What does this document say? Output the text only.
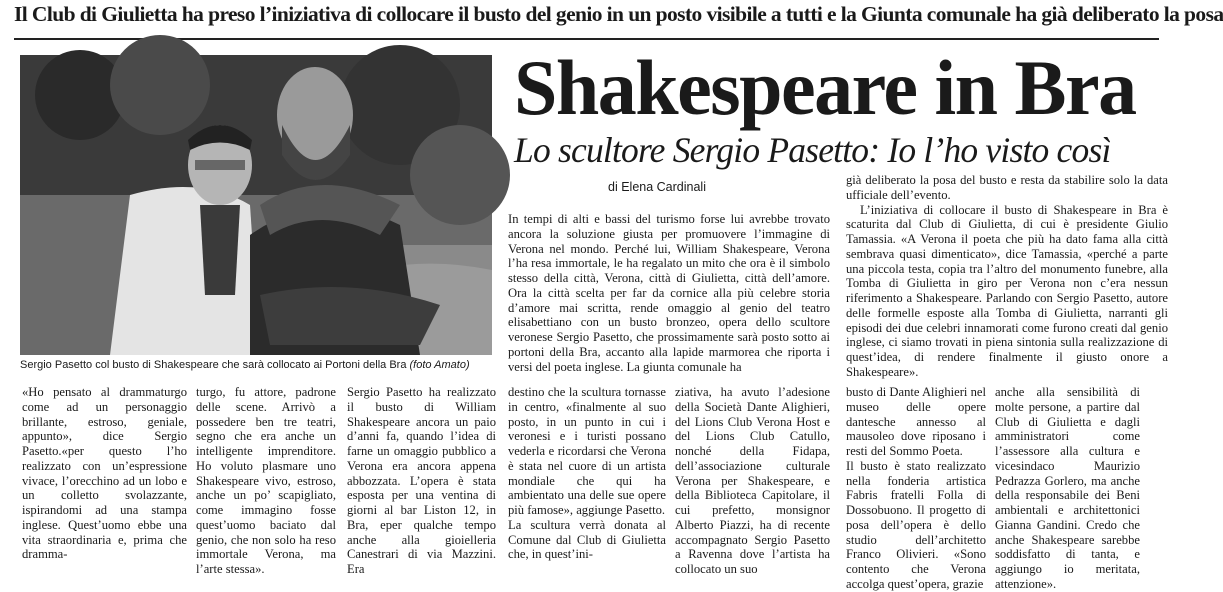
Il Club di Giulietta ha preso l’iniziativa di collocare il busto del genio in un posto visibile a tutti e la Giunta comunale ha già deliberato la posa
Sergio Pasetto col busto di Shakespeare che sarà collocato ai Portoni della Bra (foto Amato)
Shakespeare in Bra
Lo scultore Sergio Pasetto: Io l’ho visto così
di Elena Cardinali

In tempi di alti e bassi del turismo forse lui avrebbe trovato ancora la soluzione giusta per promuovere l’immagine di Verona nel mondo. Perché lui, William Shakespeare, Verona l’ha resa immortale, le ha regalato un mito che ora è il simbolo stesso della città, Verona, città di Giulietta, città dell’amore. Ora la città scelta per far da cornice alla più celebre storia d’amore mai scritta, rende omaggio al genio del teatro elisabettiano con un busto bronzeo, opera dello scultore veronese Sergio Pasetto, che prossimamente sarà posto sotto ai portoni della Bra, accanto alla lapide marmorea che riporta i versi del poeta inglese. La giunta comunale ha

già deliberato la posa del busto e resta da stabilire solo la data ufficiale dell’evento.

L’iniziativa di collocare il busto di Shakespeare in Bra è scaturita dal Club di Giulietta, di cui è presidente Giulio Tamassia. «A Verona il poeta che più ha dato fama alla città sembrava quasi dimenticato», dice Tamassia, «perché a parte una piccola testa, copia tra l’altro del monumento funebre, alla Tomba di Giulietta in giro per Verona non c’era nessun riferimento a Shakespeare. Parlando con Sergio Pasetto, autore delle formelle esposte alla Tomba di Giulietta, narranti gli episodi dei due celebri innamorati come furono creati dal genio inglese, ci siamo trovati in piena sintonia sulla realizzazione di quest’idea, di rendere finalmente il giusto onore a Shakespeare».

«Ho pensato al drammaturgo come ad un personaggio brillante, estroso, geniale, appunto», dice Sergio Pasetto.«per questo l’ho realizzato con un’espressione vivace, l’orecchino ad un lobo e un colletto svolazzante, ispirandomi ad una stampa inglese. Quest’uomo ebbe una vita straordinaria e, prima che dramma-

turgo, fu attore, padrone delle scene. Arrivò a possedere ben tre teatri, segno che era anche un intelligente imprenditore. Ho voluto plasmare uno Shakespeare vivo, estroso, anche un po’ scapigliato, come immagino fosse quest’uomo baciato dal genio, che non solo ha reso immortale Verona, ma l’arte stessa».

Sergio Pasetto ha realizzato il busto di William Shakespeare ancora un paio d’anni fa, quando l’idea di farne un omaggio pubblico a Verona era ancora appena abbozzata. L’opera è stata esposta per una ventina di giorni al bar Liston 12, in Bra, eper qualche tempo anche alla gioielleria Canestrari di via Mazzini. Era

destino che la scultura tornasse in centro, «finalmente al suo posto, in un punto in cui i veronesi e i turisti possano vederla e ricordarsi che Verona è stata nel cuore di un artista mondiale che qui ha ambientato una delle sue opere più famose», aggiunge Pasetto.
La scultura verrà donata al Comune dal Club di Giulietta che, in quest’ini-

ziativa, ha avuto l’adesione della Società Dante Alighieri, del Lions Club Verona Host e del Lions Club Catullo, nonché della Fidapa, dell’associazione culturale Verona per Shakespeare, e della Biblioteca Capitolare, il cui prefetto, monsignor Alberto Piazzi, ha di recente accompagnato Sergio Pasetto a Ravenna dove l’artista ha collocato un suo

busto di Dante Alighieri nel museo delle opere dantesche annesso al mausoleo dove riposano i resti del Sommo Poeta.
Il busto è stato realizzato nella fonderia artistica Fabris fratelli Folla di Dossobuono. Il progetto di posa dell’opera è dello studio dell’architetto Franco Olivieri. «Sono contento che Verona accolga quest’opera, grazie

anche alla sensibilità di molte persone, a partire dal Club di Giulietta e dagli amministratori come l’assessore alla cultura e vicesindaco Maurizio Pedrazza Gorlero, ma anche della responsabile dei Beni ambientali e architettonici Gianna Gandini. Credo che anche Shakespeare sarebbe soddisfatto di tanta, e aggiungo io meritata, attenzione».
